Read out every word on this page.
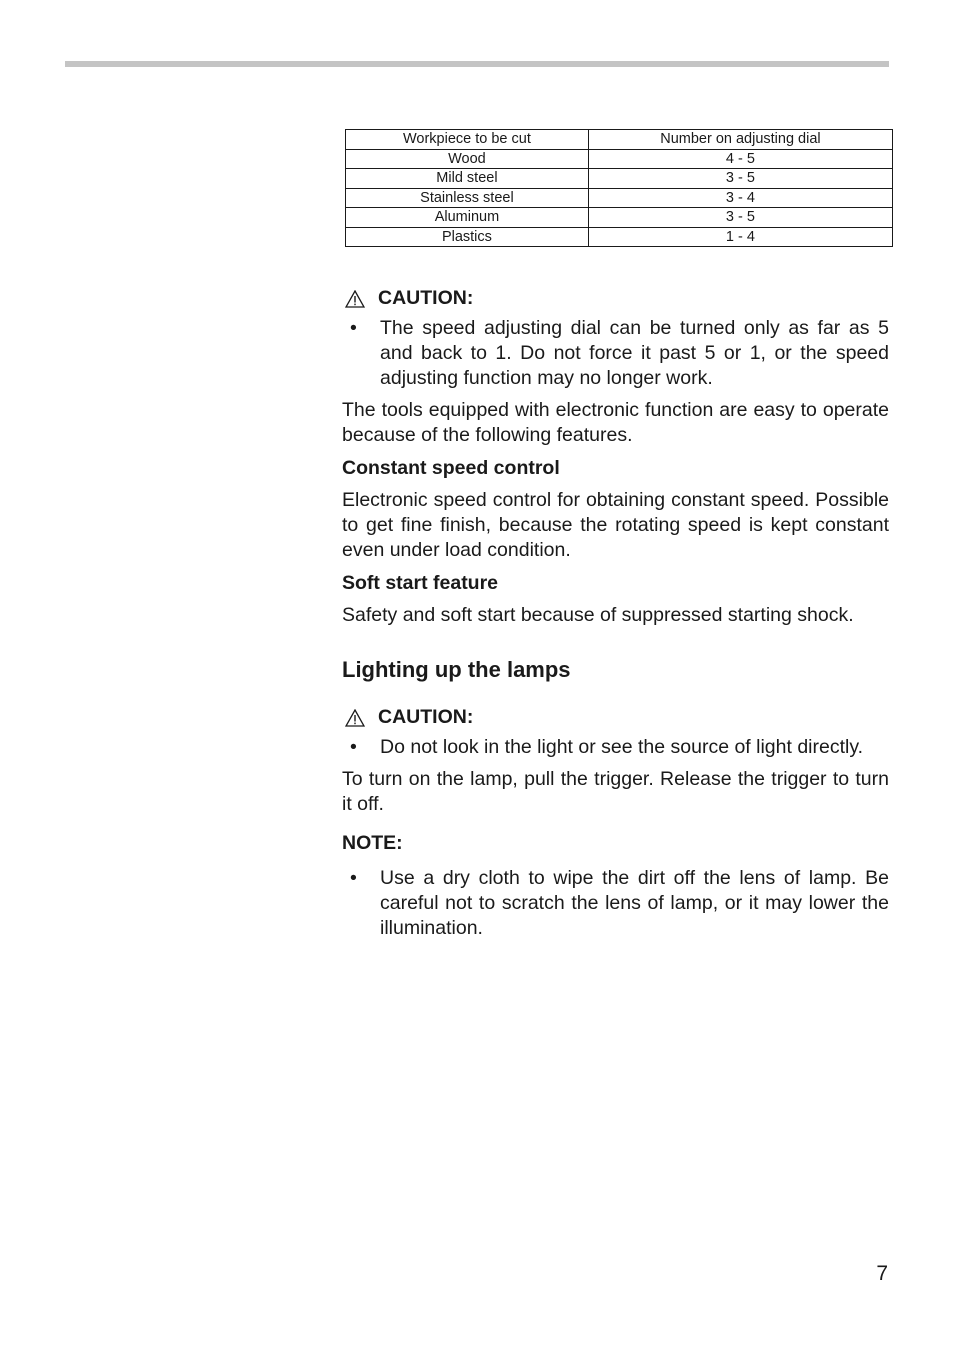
Workpiece to be cut	Number on adjusting dial
Wood	4 - 5
Mild steel	3 - 5
Stainless steel	3 - 4
Aluminum	3 - 5
Plastics	1 - 4
CAUTION:
•	The speed adjusting dial can be turned only as far as 5 and back to 1. Do not force it past 5 or 1, or the speed adjusting function may no longer work.

The tools equipped with electronic function are easy to operate because of the following features.

Constant speed control

Electronic speed control for obtaining constant speed. Possible to get fine finish, because the rotating speed is kept constant even under load condition.

Soft start feature

Safety and soft start because of suppressed starting shock.

Lighting up the lamps
CAUTION:
•	Do not look in the light or see the source of light directly.

To turn on the lamp, pull the trigger. Release the trigger to turn it off.

NOTE:
•	Use a dry cloth to wipe the dirt off the lens of lamp. Be careful not to scratch the lens of lamp, or it may lower the illumination.
7
